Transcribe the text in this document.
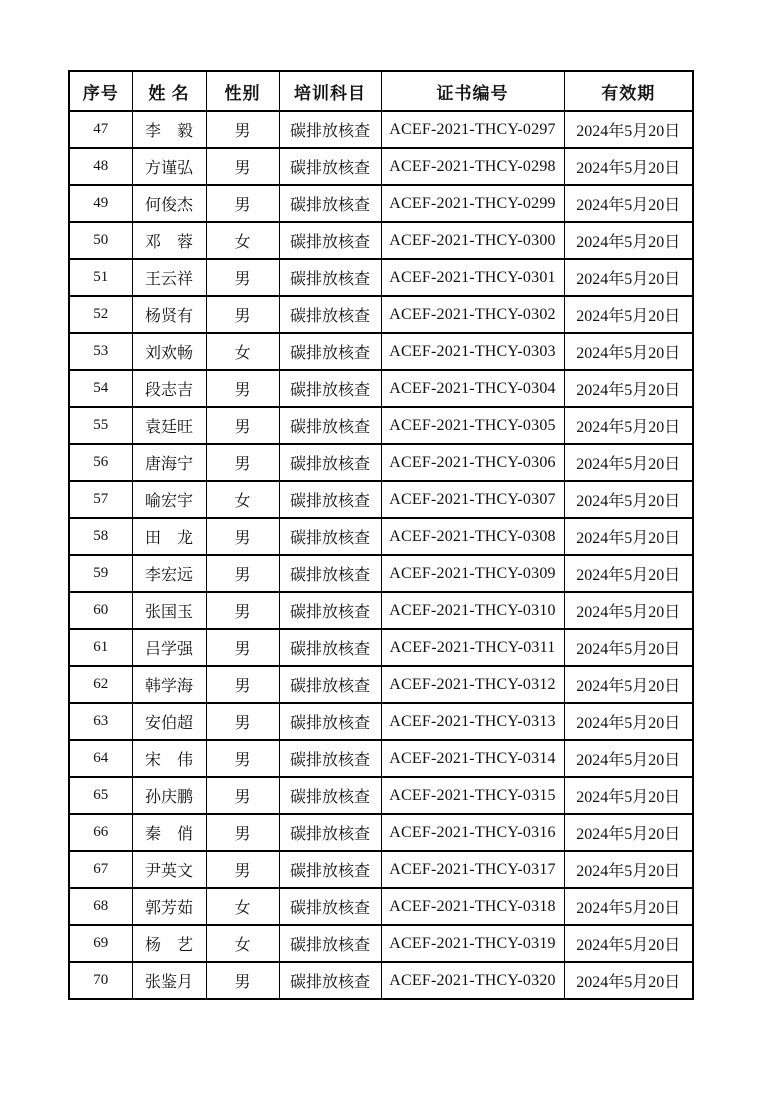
序号	姓 名	性别	培训科目	证书编号	有效期
47	李　毅	男	碳排放核查	ACEF-2021-THCY-0297	2024年5月20日
48	方谨弘	男	碳排放核查	ACEF-2021-THCY-0298	2024年5月20日
49	何俊杰	男	碳排放核查	ACEF-2021-THCY-0299	2024年5月20日
50	邓　蓉	女	碳排放核查	ACEF-2021-THCY-0300	2024年5月20日
51	王云祥	男	碳排放核查	ACEF-2021-THCY-0301	2024年5月20日
52	杨贤有	男	碳排放核查	ACEF-2021-THCY-0302	2024年5月20日
53	刘欢畅	女	碳排放核查	ACEF-2021-THCY-0303	2024年5月20日
54	段志吉	男	碳排放核查	ACEF-2021-THCY-0304	2024年5月20日
55	袁廷旺	男	碳排放核查	ACEF-2021-THCY-0305	2024年5月20日
56	唐海宁	男	碳排放核查	ACEF-2021-THCY-0306	2024年5月20日
57	喻宏宇	女	碳排放核查	ACEF-2021-THCY-0307	2024年5月20日
58	田　龙	男	碳排放核查	ACEF-2021-THCY-0308	2024年5月20日
59	李宏远	男	碳排放核查	ACEF-2021-THCY-0309	2024年5月20日
60	张国玉	男	碳排放核查	ACEF-2021-THCY-0310	2024年5月20日
61	吕学强	男	碳排放核查	ACEF-2021-THCY-0311	2024年5月20日
62	韩学海	男	碳排放核查	ACEF-2021-THCY-0312	2024年5月20日
63	安伯超	男	碳排放核查	ACEF-2021-THCY-0313	2024年5月20日
64	宋　伟	男	碳排放核查	ACEF-2021-THCY-0314	2024年5月20日
65	孙庆鹏	男	碳排放核查	ACEF-2021-THCY-0315	2024年5月20日
66	秦　俏	男	碳排放核查	ACEF-2021-THCY-0316	2024年5月20日
67	尹英文	男	碳排放核查	ACEF-2021-THCY-0317	2024年5月20日
68	郭芳茹	女	碳排放核查	ACEF-2021-THCY-0318	2024年5月20日
69	杨　艺	女	碳排放核查	ACEF-2021-THCY-0319	2024年5月20日
70	张鉴月	男	碳排放核查	ACEF-2021-THCY-0320	2024年5月20日
